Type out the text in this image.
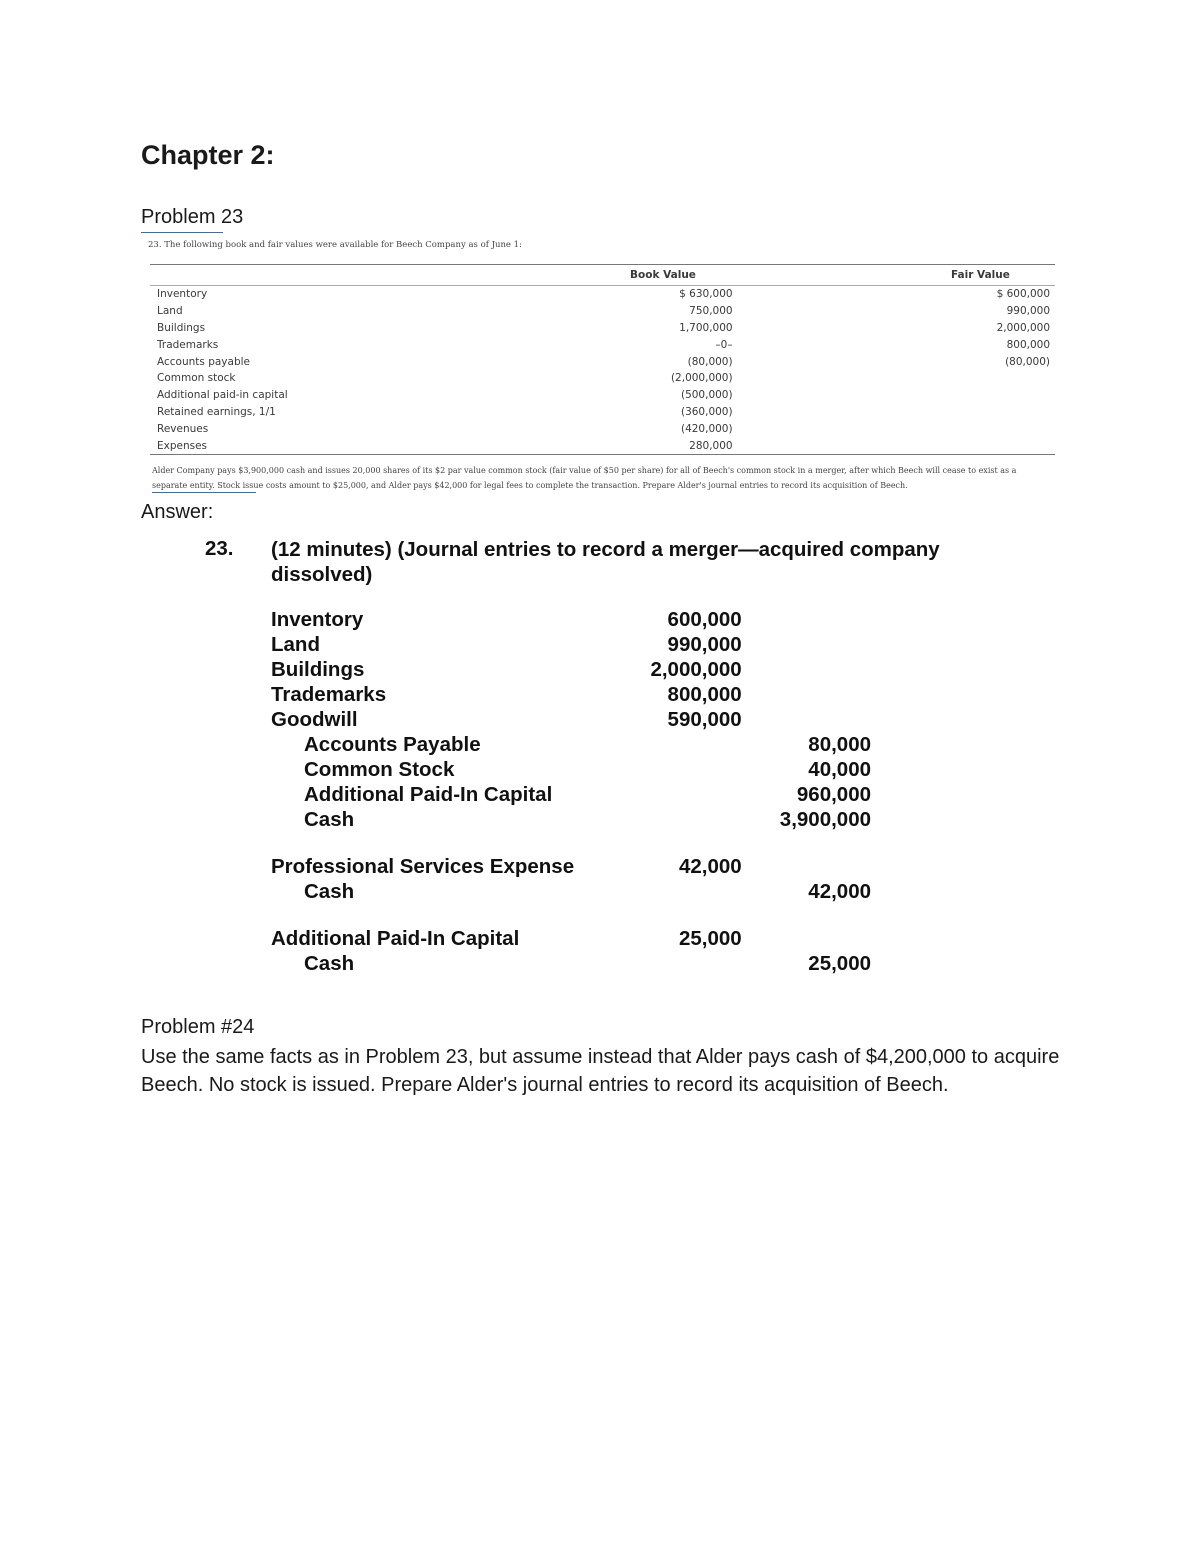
Chapter 2:
Problem 23
23. The following book and fair values were available for Beech Company as of June 1:
	Book Value		Fair Value	
Inventory	$ 630,000		$ 600,000	
Land	750,000		990,000	
Buildings	1,700,000		2,000,000	
Trademarks	–0–		800,000	
Accounts payable	(80,000)		(80,000)	
Common stock	(2,000,000)			
Additional paid-in capital	(500,000)			
Retained earnings, 1/1	(360,000)			
Revenues	(420,000)			
Expenses	280,000			
Alder Company pays $3,900,000 cash and issues 20,000 shares of its $2 par value common stock (fair value of $50 per share) for all of Beech's common stock in a merger, after which Beech will cease to exist as a separate entity. Stock issue costs amount to $25,000, and Alder pays $42,000 for legal fees to complete the transaction. Prepare Alder's journal entries to record its acquisition of Beech.
Answer:
23. (12 minutes) (Journal entries to record a merger—acquired company dissolved)
Inventory	600,000	
Land	990,000	
Buildings	2,000,000	
Trademarks	800,000	
Goodwill	590,000	
Accounts Payable		80,000
Common Stock		40,000
Additional Paid-In Capital		960,000
Cash		3,900,000

Professional Services Expense	42,000	
Cash		42,000

Additional Paid-In Capital	25,000	
Cash		25,000
Problem #24
Use the same facts as in Problem 23, but assume instead that Alder pays cash of $4,200,000 to acquire Beech. No stock is issued. Prepare Alder's journal entries to record its acquisition of Beech.
